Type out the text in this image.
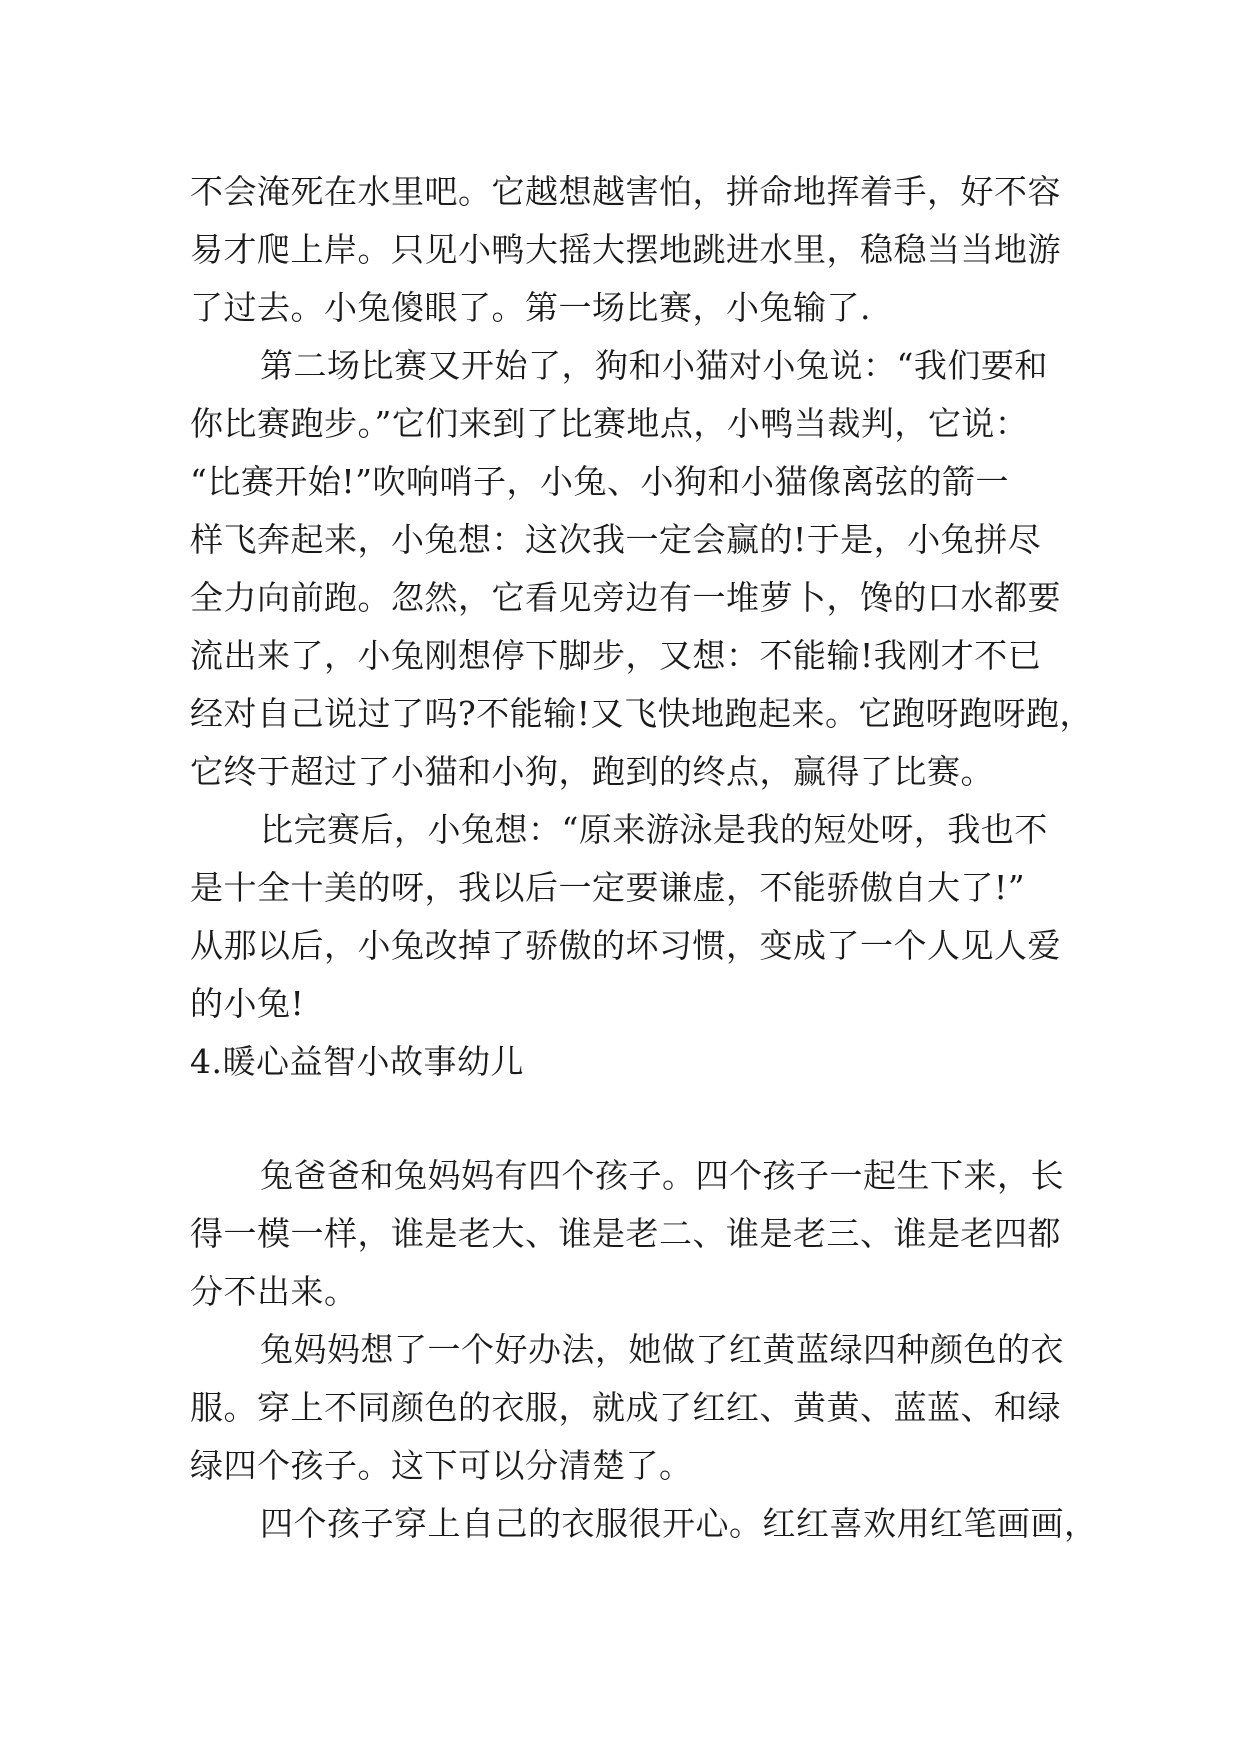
不会淹死在水里吧。它越想越害怕，拼命地挥着手，好不容
易才爬上岸。只见小鸭大摇大摆地跳进水里，稳稳当当地游
了过去。小兔傻眼了。第一场比赛，小兔输了.
第二场比赛又开始了，狗和小猫对小兔说：“我们要和
你比赛跑步。”它们来到了比赛地点，小鸭当裁判，它说：
“比赛开始!”吹响哨子，小兔、小狗和小猫像离弦的箭一
样飞奔起来，小兔想：这次我一定会赢的!于是，小兔拼尽
全力向前跑。忽然，它看见旁边有一堆萝卜，馋的口水都要
流出来了，小兔刚想停下脚步，又想：不能输!我刚才不已
经对自己说过了吗?不能输!又飞快地跑起来。它跑呀跑呀跑，
它终于超过了小猫和小狗，跑到的终点，赢得了比赛。
比完赛后，小兔想：“原来游泳是我的短处呀，我也不
是十全十美的呀，我以后一定要谦虚，不能骄傲自大了!”
从那以后，小兔改掉了骄傲的坏习惯，变成了一个人见人爱
的小兔!
4.暖心益智小故事幼儿
兔爸爸和兔妈妈有四个孩子。四个孩子一起生下来，长
得一模一样，谁是老大、谁是老二、谁是老三、谁是老四都
分不出来。
兔妈妈想了一个好办法，她做了红黄蓝绿四种颜色的衣
服。穿上不同颜色的衣服，就成了红红、黄黄、蓝蓝、和绿
绿四个孩子。这下可以分清楚了。
四个孩子穿上自己的衣服很开心。红红喜欢用红笔画画，
